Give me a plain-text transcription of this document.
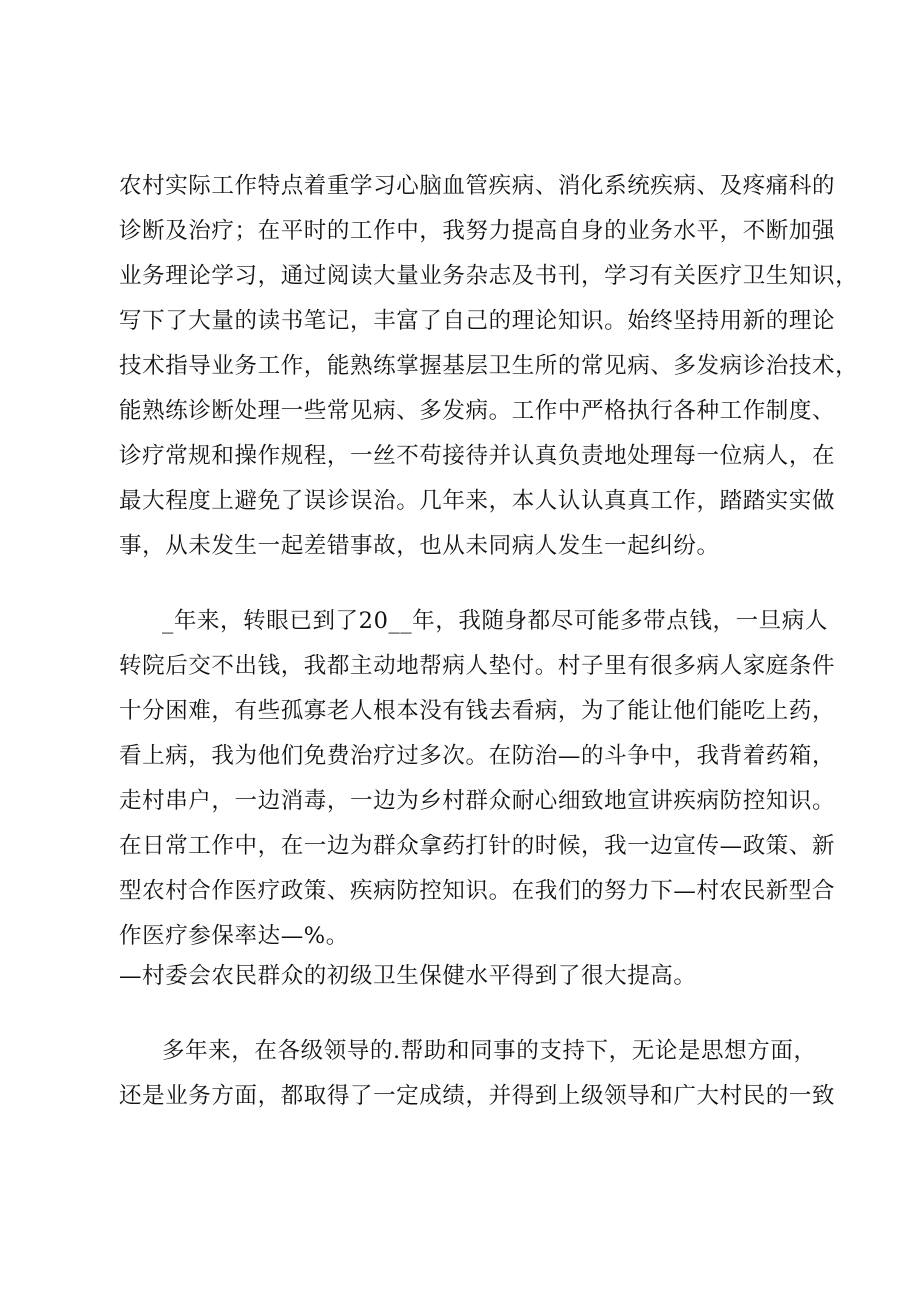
农村实际工作特点着重学习心脑血管疾病、消化系统疾病、及疼痛科的
诊断及治疗；在平时的工作中，我努力提高自身的业务水平，不断加强
业务理论学习，通过阅读大量业务杂志及书刊，学习有关医疗卫生知识，
写下了大量的读书笔记，丰富了自己的理论知识。始终坚持用新的理论
技术指导业务工作，能熟练掌握基层卫生所的常见病、多发病诊治技术，
能熟练诊断处理一些常见病、多发病。工作中严格执行各种工作制度、
诊疗常规和操作规程，一丝不苟接待并认真负责地处理每一位病人，在
最大程度上避免了误诊误治。几年来，本人认认真真工作，踏踏实实做
事，从未发生一起差错事故，也从未同病人发生一起纠纷。
_年来，转眼已到了20__年，我随身都尽可能多带点钱，一旦病人
转院后交不出钱，我都主动地帮病人垫付。村子里有很多病人家庭条件
十分困难，有些孤寡老人根本没有钱去看病，为了能让他们能吃上药，
看上病，我为他们免费治疗过多次。在防治—的斗争中，我背着药箱，
走村串户，一边消毒，一边为乡村群众耐心细致地宣讲疾病防控知识。
在日常工作中，在一边为群众拿药打针的时候，我一边宣传—政策、新
型农村合作医疗政策、疾病防控知识。在我们的努力下—村农民新型合
作医疗参保率达—%。
—村委会农民群众的初级卫生保健水平得到了很大提高。
多年来，在各级领导的.帮助和同事的支持下，无论是思想方面，
还是业务方面，都取得了一定成绩，并得到上级领导和广大村民的一致
